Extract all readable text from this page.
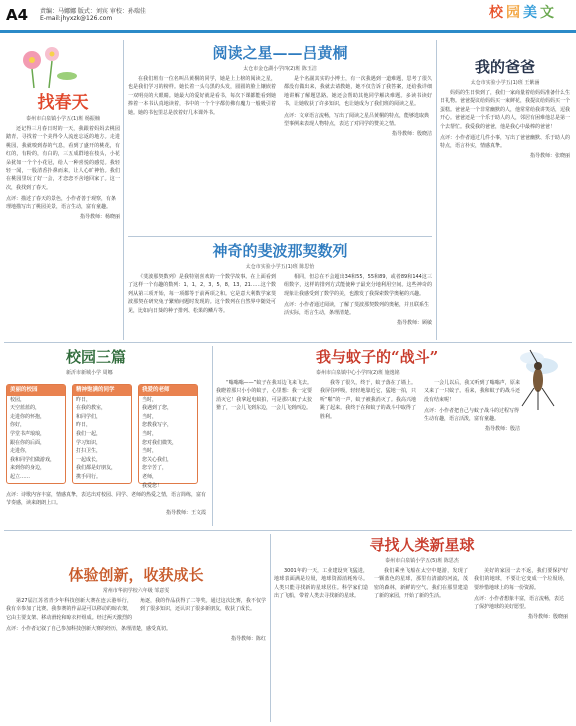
A4 责编：马娜娜 版式：刘宾 审校：孙瑞佳
E-mail:jhyxzk@126.com	校 园 美 文
找春天
泰州市白泉镇小学五(1)班 杨振楠
还记得三月春日时的一天，我跟着妈妈去桃园踏青，寻找着一个美得令人流连忘返的地方。走进桃园，我就嗅到春的气息，看到了盛开的桃花，有红的，有粉的，有白的，三五成群地在枝头，小花朵犹如一个个小花冠，给人一种喜悦的感觉。我轻轻一闻，一股清香扑鼻而来，让人心旷神怡。我们在桃园里玩了好一会，才恋恋不舍地回家了。这一次，我找到了春天。
点评：描述了春天的景色，小作者善于观察，有条理地描写出了桃园美景，语言生动，富有童趣。
指导教师：杨晓丽
阅读之星——吕黄桐
太仓市金仓湖小学四(2)班 陈玉洁
在我们班有一位名叫吕黄桐的同学，她是上上榜的阅读之星，也是我们学习的榜样。她长着一头乌黑的头发，圆圆的脸上镶嵌着一双明亮的大眼睛。她最大的爱好就是看书，每次下课都能看到她捧着一本书认真地读着，书中的一个个字都仿佛有魔力一般吸引着她。她的书包里总是放着好几本课外书。
是个名副其实的小博士，有一次我遇到一道难题，思考了很久都没有做出来，我就去请教她，她不仅告诉了我答案，还给我详细地讲解了解题思路。她还会帮助其他同学解决难题。多读书读好书，让她收获了许多知识，也让她成为了我们班的阅读之星。
点评：文章语言流畅，写出了阅读之星吕黄桐的特点，能够选取典型事例来表现人物特点，表达了对同学的赞美之情。
指导教师：殷晓洁
神奇的斐波那契数列
太仓市实验小学五(1)班 陈思怡
《斐波那契数列》是我特别喜欢的一个数学故事。在上面看到了这样一个有趣的数列：1，1，2，3，5，8，13，21……这个数列从第三项开始，每一项都等于前两项之和。它是意大利数学家斐波那契在研究兔子繁殖问题时发现的。这个数列在自然界中随处可见，比如向日葵的种子排列、松果的鳞片等。
相同，但总在不会超出34和55，55和89，或者89和144这三组数字，这样的排列方式能使种子最充分地利用空间。这些神奇的现象让我感受到了数学的美，也激发了我探索数学奥秘的兴趣。
点评：小作者通过阅读，了解了斐波那契数列的奥秘，并且联系生活实际，语言生动，条理清楚。
指导教师：顾敏
我的爸爸
太仓市实验小学五(1)班 王紫涵
妈妈的生日快到了，我们一家商量着给妈妈准备什么生日礼物。爸爸提议给妈妈买一束鲜花，我提议给妈妈买一个蛋糕。爸爸是一个非常幽默的人，他常常给我讲笑话，逗我开心。爸爸还是一个乐于助人的人，邻居有困难他总是第一个去帮忙。我爱我的爸爸，他是我心中最棒的爸爸！
点评：小作者通过几件小事，写出了爸爸幽默、乐于助人的特点，语言朴实，情感真挚。
指导教师：张晓丽
校园三篇
新沂市新城小学 周娜
美丽的校园
校园，
天空蓝蓝的，
走进你的怀抱，
你好，
学堂书声琅琅，
跟在你的后面，
走进你，
我和同学们做游戏，
来到你的身边，
起立……
精神饱满的同学
昨日，
在我的教室，
和同学们，
昨日，
我们一起，
学习知识，
打扫卫生，
一起成长，
我们都是好朋友，
携手同行。
我爱的老师
当时，
我遇到了您，
当时，
您教我写字，
当时，
您对我们微笑，
当时，
您关心我们，
您辛苦了，
老师，
我爱您！
点评：诗歌内容丰富，情感真挚，表达出对校园、同学、老师的热爱之情，语言简练，富有节奏感，读来朗朗上口。
指导教师：王文霞
我与蚊子的“战斗”
泰州市白泉镇中心小学四(2)班 施逸铭
“嗡嗡嗡——”蚊子在我耳边飞来飞去。我瞪着那只小小的蚊子，心里想：我一定要消灭它！我拿起电蚊拍，可是那只蚊子太狡猾了，一会儿飞到东边，一会儿飞到西边。
我等了很久，终于，蚊子落在了墙上。我屏住呼吸，轻轻地靠近它，猛地一拍，只听“啪”的一声，蚊子被我消灭了。我高兴地跳了起来。我终于在和蚊子的战斗中取得了胜利。
一会儿以后，我又听到了嗡嗡声，原来又来了一只蚊子。看来，我和蚊子的战斗还没有结束呢！
点评：小作者把自己与蚊子战斗的过程写得生动有趣，语言活泼，富有童趣。
指导教师：殷洁
体验创新，收获成长
常州市华润学校六年级 邹意雯
第27届江苏省青少年科技创新大赛在连云港举行，我有幸参加了比赛。我参赛的作品是可以移动的晾衣架，它由主要支架、移动滑轮和晾衣杆组成。经过两天激烈的角逐，我的作品获得了二等奖。通过这次比赛，我不仅学到了很多知识，还认识了很多新朋友，收获了成长。
点评：小作者记叙了自己参加科技创新大赛的经历，条理清楚，感受真切。
指导教师：陈红
寻找人类新星球
泰州市白泉镇小学五(5)班 陈思杰
3001年的一天，工业建设突飞猛进，地球表面满是垃圾，地球资源消耗殆尽。人类只能寻找新的星球居住。科学家们造出了飞船，带着人类去寻找新的星球。
我们乘坐飞船在太空中遨游，发现了一颗蓝色的星球，那里有清澈的河流，茂密的森林，新鲜的空气。我们在那里建造了新的家园，开始了新的生活。
美好的家园一去不返，我们要保护好我们的地球，不要让它变成一个垃圾场，要珍惜地球上的每一份资源。
点评：小作者想象丰富，语言流畅，表达了保护地球的美好愿望。
指导教师：殷晓丽
